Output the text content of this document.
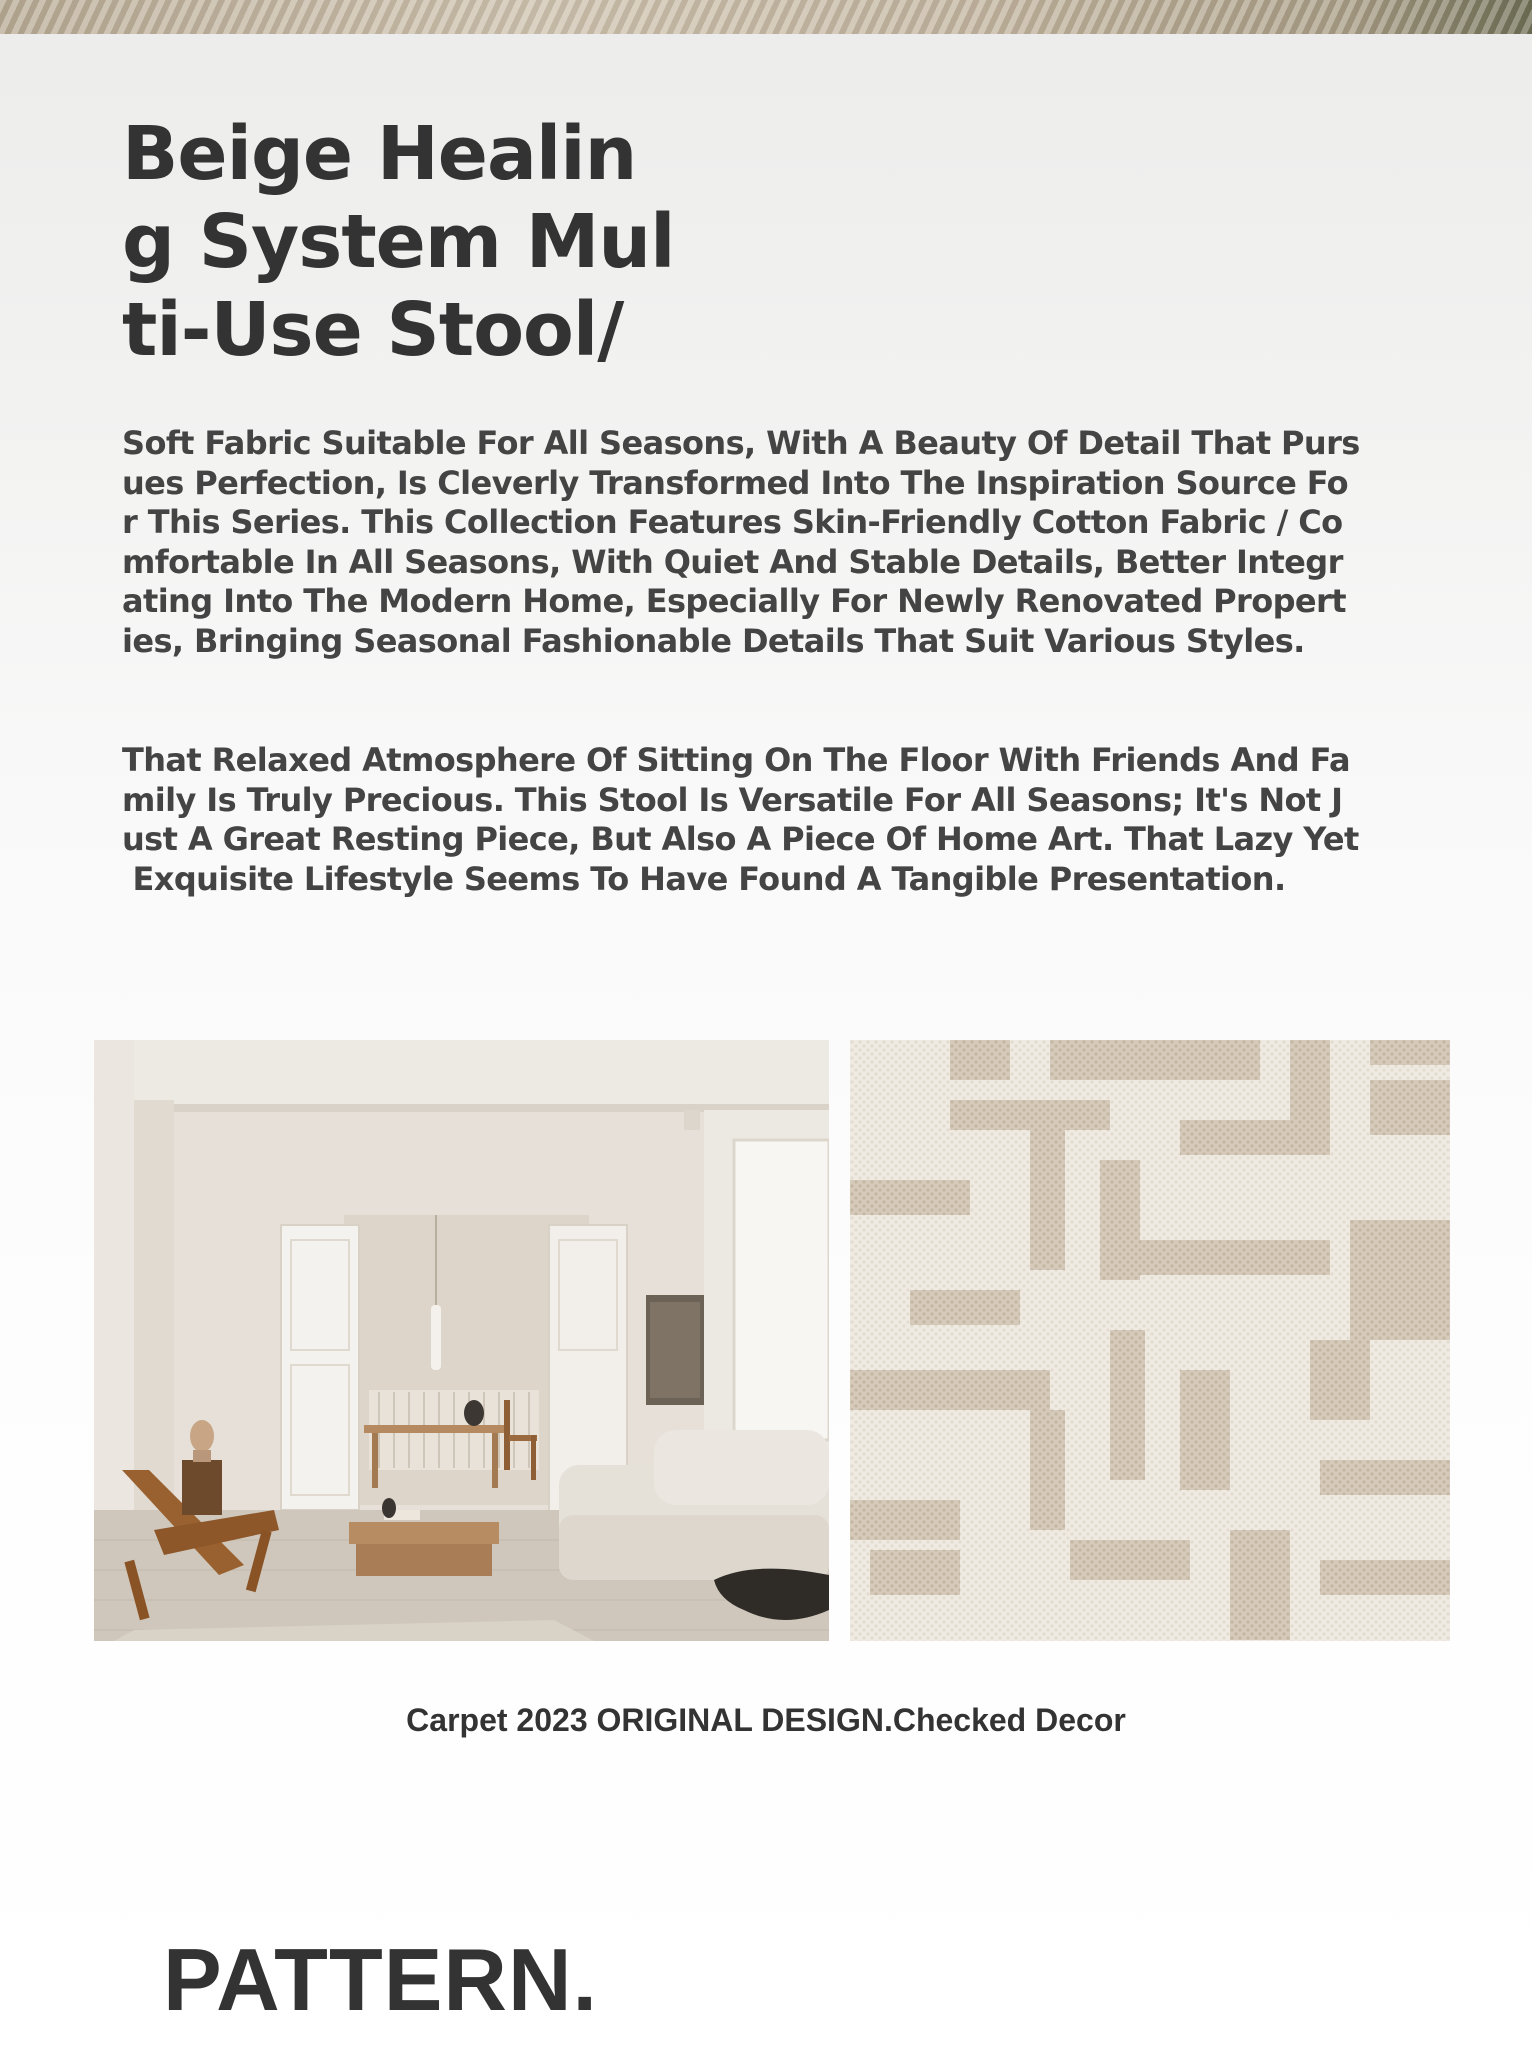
Beige Healin
g System Mul
ti-Use Stool/

Soft Fabric Suitable For All Seasons, With A Beauty Of Detail That Purs
ues Perfection, Is Cleverly Transformed Into The Inspiration Source Fo
r This Series. This Collection Features Skin-Friendly Cotton Fabric / Co
mfortable In All Seasons, With Quiet And Stable Details, Better Integr
ating Into The Modern Home, Especially For Newly Renovated Propert
ies, Bringing Seasonal Fashionable Details That Suit Various Styles.

That Relaxed Atmosphere Of Sitting On The Floor With Friends And Fa
mily Is Truly Precious. This Stool Is Versatile For All Seasons; It's Not J
ust A Great Resting Piece, But Also A Piece Of Home Art. That Lazy Yet
Exquisite Lifestyle Seems To Have Found A Tangible Presentation.

Carpet 2023 ORIGINAL DESIGN.Checked Decor
PATTERN.
